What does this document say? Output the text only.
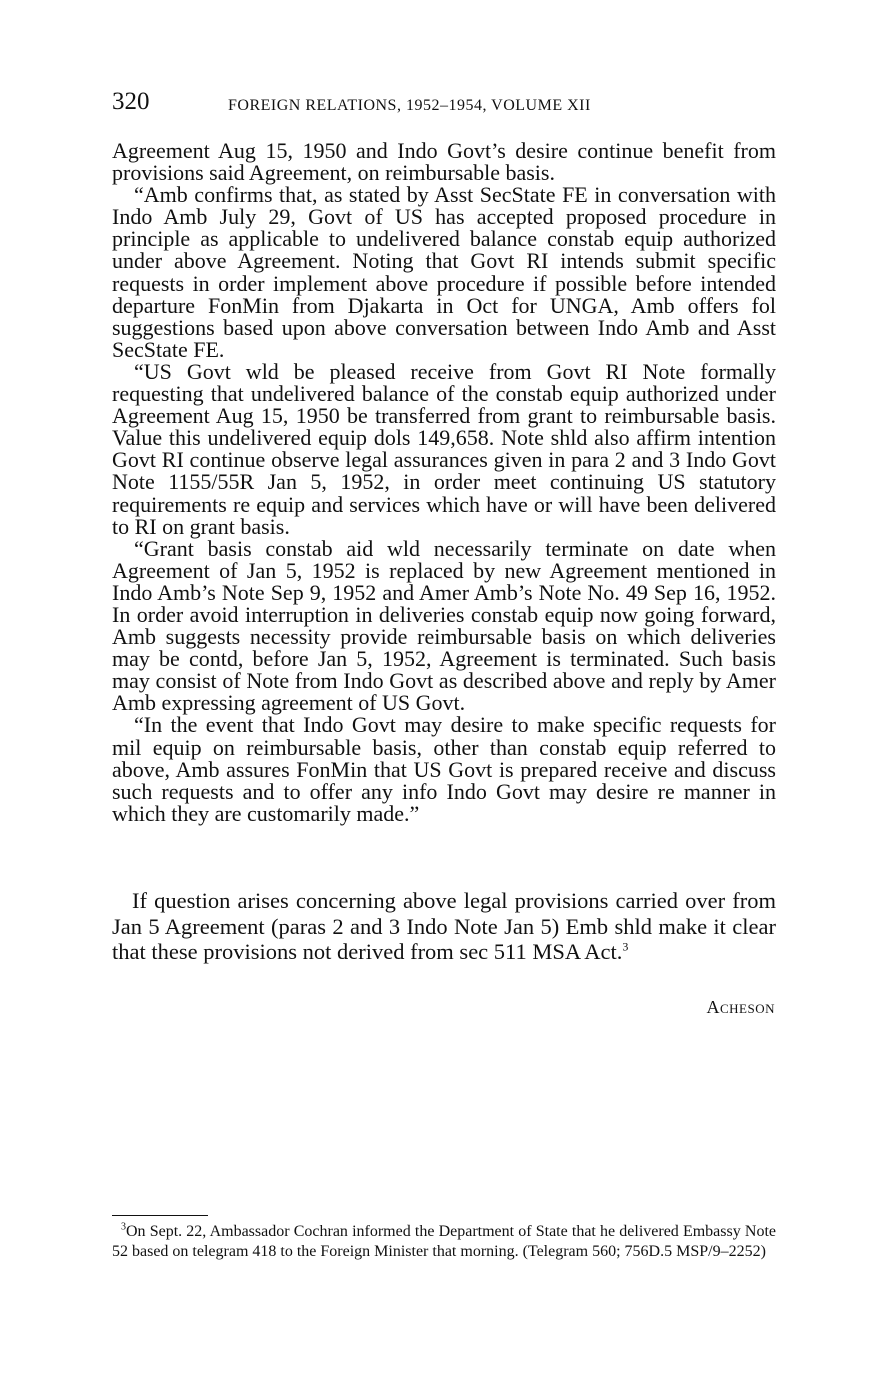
320	FOREIGN RELATIONS, 1952–1954, VOLUME XII

Agreement Aug 15, 1950 and Indo Govt’s desire continue benefit from provisions said Agreement, on reimbursable basis.

“Amb confirms that, as stated by Asst SecState FE in conversation with Indo Amb July 29, Govt of US has accepted proposed procedure in principle as applicable to undelivered balance constab equip authorized under above Agreement. Noting that Govt RI intends submit specific requests in order implement above procedure if possible before intended departure FonMin from Djakarta in Oct for UNGA, Amb offers fol suggestions based upon above conversation between Indo Amb and Asst SecState FE.

“US Govt wld be pleased receive from Govt RI Note formally requesting that undelivered balance of the constab equip authorized under Agreement Aug 15, 1950 be transferred from grant to reimbursable basis. Value this undelivered equip dols 149,658. Note shld also affirm intention Govt RI continue observe legal assurances given in para 2 and 3 Indo Govt Note 1155/55R Jan 5, 1952, in order meet continuing US statutory requirements re equip and services which have or will have been delivered to RI on grant basis.

“Grant basis constab aid wld necessarily terminate on date when Agreement of Jan 5, 1952 is replaced by new Agreement mentioned in Indo Amb’s Note Sep 9, 1952 and Amer Amb’s Note No. 49 Sep 16, 1952. In order avoid interruption in deliveries constab equip now going forward, Amb suggests necessity provide reimbursable basis on which deliveries may be contd, before Jan 5, 1952, Agreement is terminated. Such basis may consist of Note from Indo Govt as described above and reply by Amer Amb expressing agreement of US Govt.

“In the event that Indo Govt may desire to make specific requests for mil equip on reimbursable basis, other than constab equip referred to above, Amb assures FonMin that US Govt is prepared receive and discuss such requests and to offer any info Indo Govt may desire re manner in which they are customarily made.”

If question arises concerning above legal provisions carried over from Jan 5 Agreement (paras 2 and 3 Indo Note Jan 5) Emb shld make it clear that these provisions not derived from sec 511 MSA Act.$^3$

Acheson

$^3$On Sept. 22, Ambassador Cochran informed the Department of State that he delivered Embassy Note 52 based on telegram 418 to the Foreign Minister that morning. (Telegram 560; 756D.5 MSP/9–2252)
